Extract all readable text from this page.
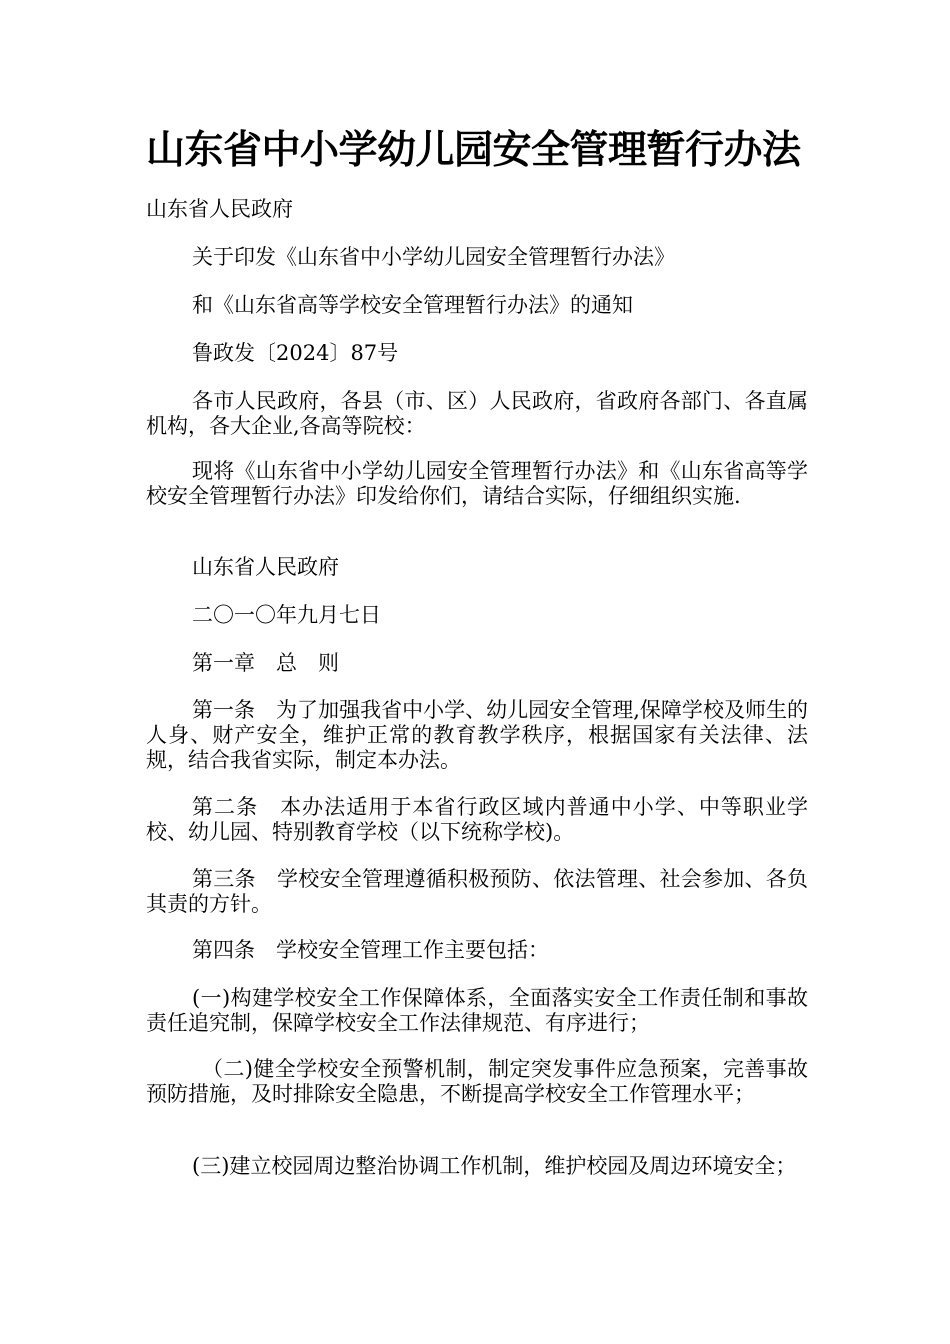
山东省中小学幼儿园安全管理暂行办法

山东省人民政府

关于印发《山东省中小学幼儿园安全管理暂行办法》

和《山东省高等学校安全管理暂行办法》的通知

鲁政发〔2024〕87号

各市人民政府，各县（市、区）人民政府，省政府各部门、各直属机构，各大企业,各高等院校：

现将《山东省中小学幼儿园安全管理暂行办法》和《山东省高等学校安全管理暂行办法》印发给你们，请结合实际，仔细组织实施.

山东省人民政府

二〇一〇年九月七日

第一章　总　则

第一条　为了加强我省中小学、幼儿园安全管理,保障学校及师生的人身、财产安全，维护正常的教育教学秩序，根据国家有关法律、法规，结合我省实际，制定本办法。

第二条　本办法适用于本省行政区域内普通中小学、中等职业学校、幼儿园、特别教育学校（以下统称学校)。

第三条　学校安全管理遵循积极预防、依法管理、社会参加、各负其责的方针。

第四条　学校安全管理工作主要包括：

(一)构建学校安全工作保障体系，全面落实安全工作责任制和事故责任追究制，保障学校安全工作法律规范、有序进行；

（二)健全学校安全预警机制，制定突发事件应急预案，完善事故预防措施，及时排除安全隐患，不断提高学校安全工作管理水平；

(三)建立校园周边整治协调工作机制，维护校园及周边环境安全；
